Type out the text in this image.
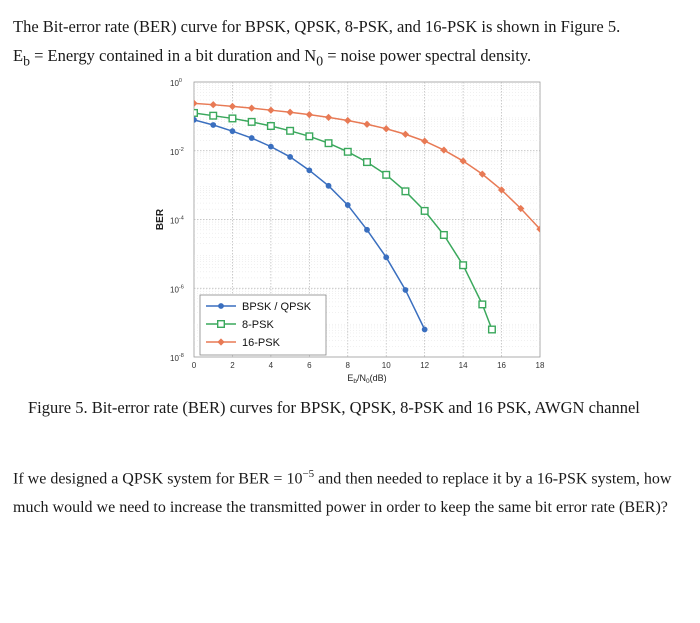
The Bit-error rate (BER) curve for BPSK, QPSK, 8-PSK, and 16-PSK is shown in Figure 5.

$E_b$ = Energy contained in a bit duration and $N_0$ = noise power spectral density.

0	2	4	6	8	10	12	14	16	18
$10^0$
$10^{-2}$
$10^{-4}$
$10^{-6}$
$10^{-8}$
BER
$E_b/N_0(dB)$
BPSK / QPSK
8-PSK
16-PSK
Figure 5. Bit-error rate (BER) curves for BPSK, QPSK, 8-PSK and 16 PSK, AWGN channel

If we designed a QPSK system for BER = $10^{-5}$ and then needed to replace it by a 16-PSK system, how much would we need to increase the transmitted power in order to keep the same bit error rate (BER)?
